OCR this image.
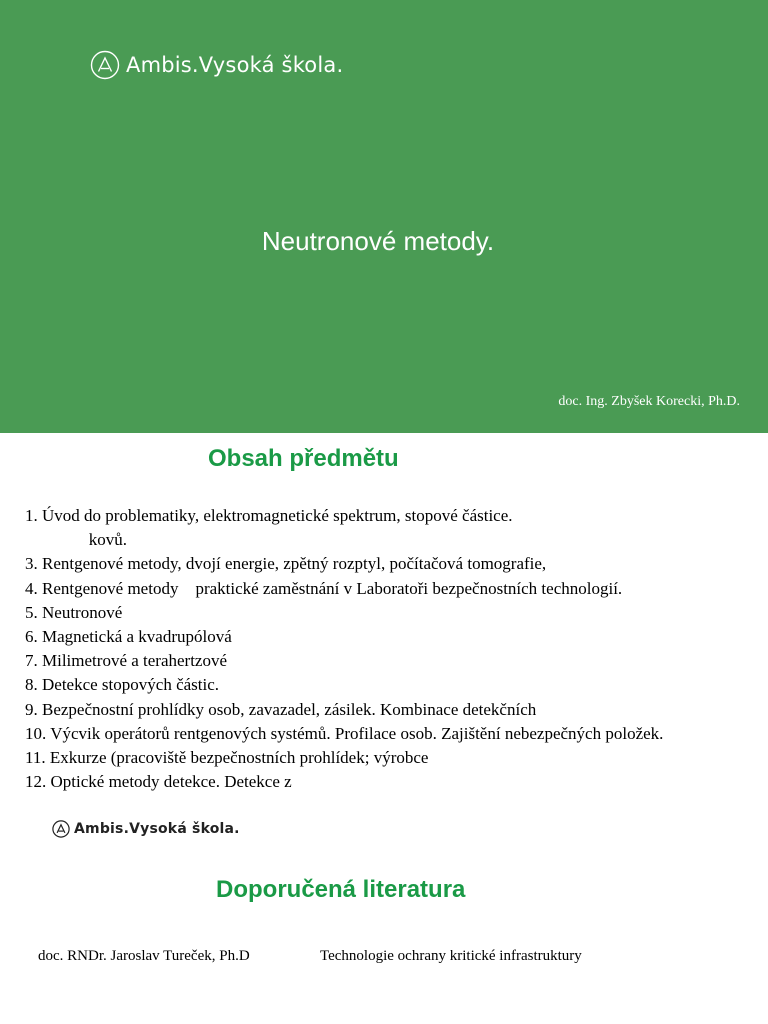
Ambis.Vysoká škola.
Neutronové metody.
doc. Ing. Zbyšek Korecki, Ph.D.
Obsah předmětu
1. Úvod do problematiky, elektromagnetické spektrum, stopové částice.
kovů.
3. Rentgenové metody, dvojí energie, zpětný rozptyl, počítačová tomografie,
4. Rentgenové metody    praktické zaměstnání v Laboratoři bezpečnostních technologií.
5. Neutronové
6. Magnetická a kvadrupólová
7. Milimetrové a terahertzové
8. Detekce stopových částic.
9. Bezpečnostní prohlídky osob, zavazadel, zásilek. Kombinace detekčních
10. Výcvik operátorů rentgenových systémů. Profilace osob. Zajištění nebezpečných položek.
11. Exkurze (pracoviště bezpečnostních prohlídek; výrobce
12. Optické metody detekce. Detekce z
Ambis.Vysoká škola.
Doporučená literatura
doc. RNDr. Jaroslav Tureček, Ph.D	Technologie ochrany kritické infrastruktury
